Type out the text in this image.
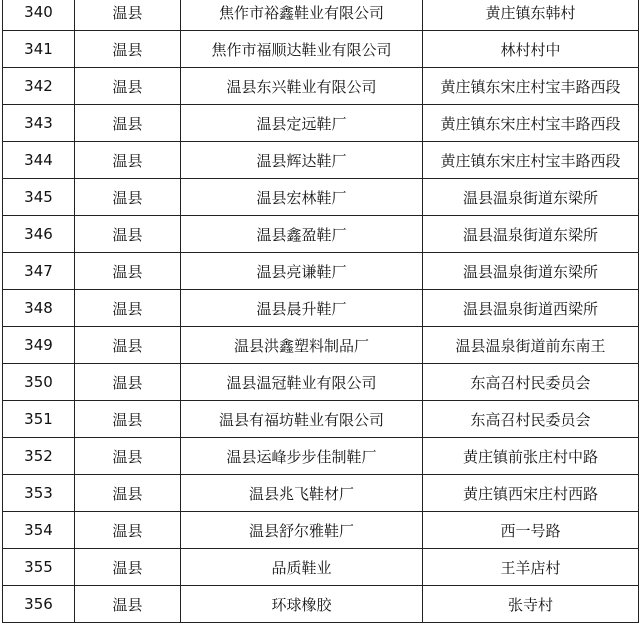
340	温县	焦作市裕鑫鞋业有限公司	黄庄镇东韩村
341	温县	焦作市福顺达鞋业有限公司	林村村中
342	温县	温县东兴鞋业有限公司	黄庄镇东宋庄村宝丰路西段
343	温县	温县定远鞋厂	黄庄镇东宋庄村宝丰路西段
344	温县	温县辉达鞋厂	黄庄镇东宋庄村宝丰路西段
345	温县	温县宏林鞋厂	温县温泉街道东梁所
346	温县	温县鑫盈鞋厂	温县温泉街道东梁所
347	温县	温县亮谦鞋厂	温县温泉街道东梁所
348	温县	温县晨升鞋厂	温县温泉街道西梁所
349	温县	温县洪鑫塑料制品厂	温县温泉街道前东南王
350	温县	温县温冠鞋业有限公司	东高召村民委员会
351	温县	温县有福坊鞋业有限公司	东高召村民委员会
352	温县	温县运峰步步佳制鞋厂	黄庄镇前张庄村中路
353	温县	温县兆飞鞋材厂	黄庄镇西宋庄村西路
354	温县	温县舒尔雅鞋厂	西一号路
355	温县	品质鞋业	王羊店村
356	温县	环球橡胶	张寺村
